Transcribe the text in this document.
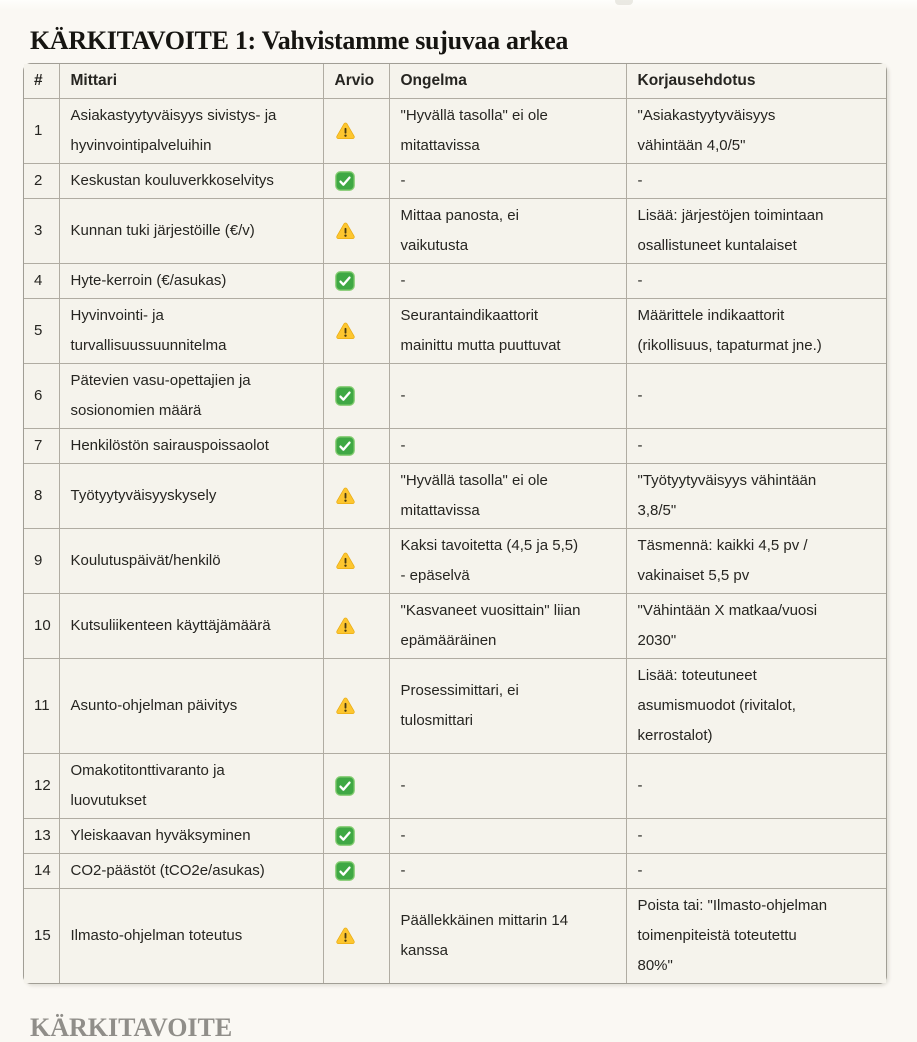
KÄRKITAVOITE 1: Vahvistamme sujuvaa arkea
#	Mittari	Arvio	Ongelma	Korjausehdotus
1	Asiakastyytyväisyys sivistys- ja hyvinvointipalveluihin		"Hyvällä tasolla" ei ole mitattavissa	"Asiakastyytyväisyys vähintään 4,0/5"
2	Keskustan kouluverkkoselvitys		-	-
3	Kunnan tuki järjestöille (€/v)		Mittaa panosta, ei vaikutusta	Lisää: järjestöjen toimintaan osallistuneet kuntalaiset
4	Hyte-kerroin (€/asukas)		-	-
5	Hyvinvointi- ja turvallisuussuunnitelma		Seurantaindikaattorit mainittu mutta puuttuvat	Määrittele indikaattorit (rikollisuus, tapaturmat jne.)
6	Pätevien vasu-opettajien ja sosionomien määrä		-	-
7	Henkilöstön sairauspoissaolot		-	-
8	Työtyytyväisyyskysely		"Hyvällä tasolla" ei ole mitattavissa	"Työtyytyväisyys vähintään 3,8/5"
9	Koulutuspäivät/henkilö		Kaksi tavoitetta (4,5 ja 5,5) - epäselvä	Täsmennä: kaikki 4,5 pv / vakinaiset 5,5 pv
10	Kutsuliikenteen käyttäjämäärä		"Kasvaneet vuosittain" liian epämääräinen	"Vähintään X matkaa/vuosi 2030"
11	Asunto-ohjelman päivitys		Prosessimittari, ei tulosmittari	Lisää: toteutuneet asumismuodot (rivitalot, kerrostalot)
12	Omakotitonttivaranto ja luovutukset		-	-
13	Yleiskaavan hyväksyminen		-	-
14	CO2-päästöt (tCO2e/asukas)		-	-
15	Ilmasto-ohjelman toteutus		Päällekkäinen mittarin 14 kanssa	Poista tai: "Ilmasto-ohjelman toimenpiteistä toteutettu 80%"
KÄRKITAVOITE
